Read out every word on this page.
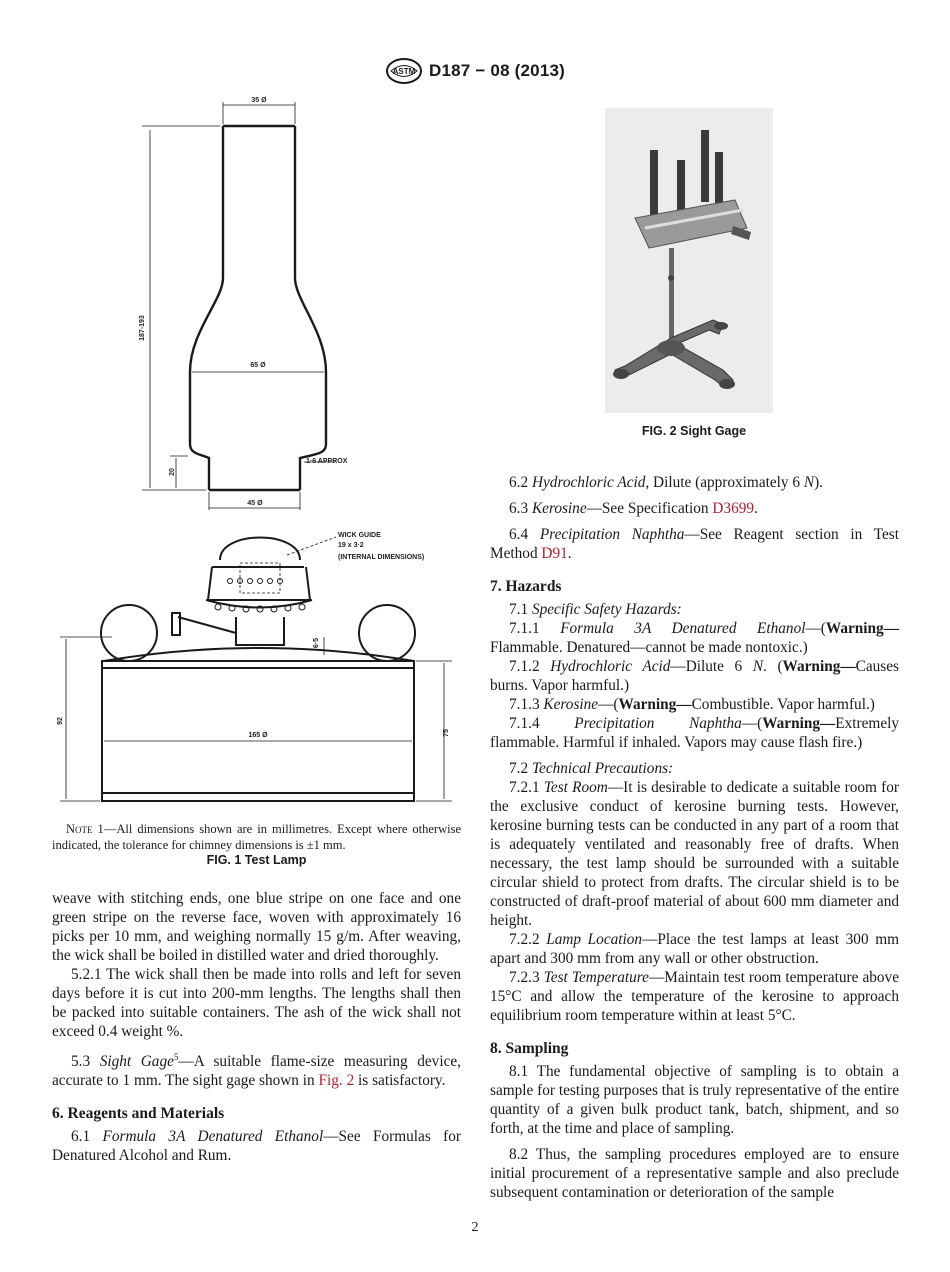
ASTM D187 − 08 (2013)
35 Ø
187-193
65 Ø
20
1·6 APPROX
45 Ø
WICK GUIDE
19 x 3·2
(INTERNAL DIMENSIONS)
6·5
92
165 Ø	75
Note 1—All dimensions shown are in millimetres. Except where otherwise indicated, the tolerance for chimney dimensions is ±1 mm.
FIG. 1 Test Lamp
FIG. 2 Sight Gage

weave with stitching ends, one blue stripe on one face and one green stripe on the reverse face, woven with approximately 16 picks per 10 mm, and weighing normally 15 g/m. After weaving, the wick shall be boiled in distilled water and dried thoroughly.

5.2.1 The wick shall then be made into rolls and left for seven days before it is cut into 200-mm lengths. The lengths shall then be packed into suitable containers. The ash of the wick shall not exceed 0.4 weight %.

5.3 Sight Gage$^5$—A suitable flame-size measuring device, accurate to 1 mm. The sight gage shown in Fig. 2 is satisfactory.

6. Reagents and Materials

6.1 Formula 3A Denatured Ethanol—See Formulas for Denatured Alcohol and Rum.

6.2 Hydrochloric Acid, Dilute (approximately 6 N).

6.3 Kerosine—See Specification D3699.

6.4 Precipitation Naphtha—See Reagent section in Test Method D91.

7. Hazards

7.1 Specific Safety Hazards:

7.1.1 Formula 3A Denatured Ethanol—(Warning—Flammable. Denatured—cannot be made nontoxic.)

7.1.2 Hydrochloric Acid—Dilute 6 N. (Warning—Causes burns. Vapor harmful.)

7.1.3 Kerosine—(Warning—Combustible. Vapor harmful.)

7.1.4 Precipitation Naphtha—(Warning—Extremely flammable. Harmful if inhaled. Vapors may cause flash fire.)

7.2 Technical Precautions:

7.2.1 Test Room—It is desirable to dedicate a suitable room for the exclusive conduct of kerosine burning tests. However, kerosine burning tests can be conducted in any part of a room that is adequately ventilated and reasonably free of drafts. When necessary, the test lamp should be surrounded with a suitable circular shield to protect from drafts. The circular shield is to be constructed of draft-proof material of about 600 mm diameter and height.

7.2.2 Lamp Location—Place the test lamps at least 300 mm apart and 300 mm from any wall or other obstruction.

7.2.3 Test Temperature—Maintain test room temperature above 15°C and allow the temperature of the kerosine to approach equilibrium room temperature within at least 5°C.

8. Sampling

8.1 The fundamental objective of sampling is to obtain a sample for testing purposes that is truly representative of the entire quantity of a given bulk product tank, batch, shipment, and so forth, at the time and place of sampling.

8.2 Thus, the sampling procedures employed are to ensure initial procurement of a representative sample and also preclude subsequent contamination or deterioration of the sample

2
